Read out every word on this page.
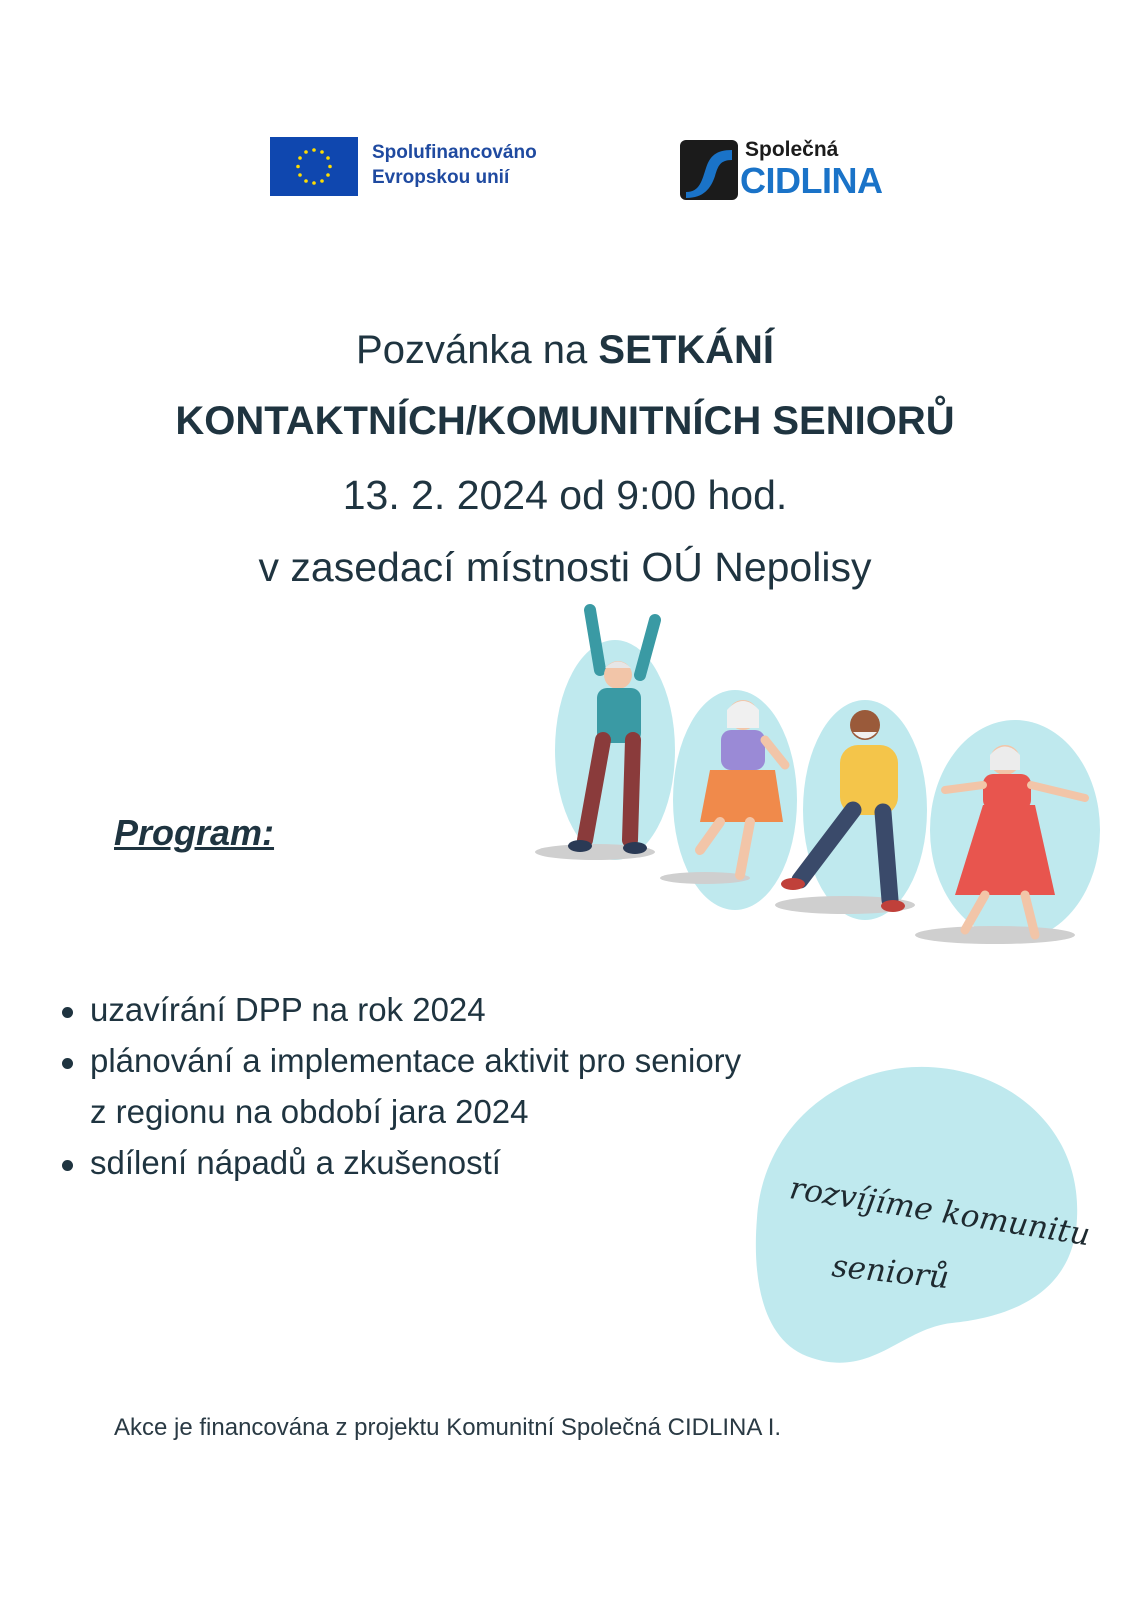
Spolufinancováno
Evropskou unií
Společná
CIDLINA
Pozvánka na SETKÁNÍ
KONTAKTNÍCH/KOMUNITNÍCH SENIORŮ
13. 2. 2024 od 9:00 hod.
v zasedací místnosti OÚ Nepolisy
Program:
uzavírání DPP na rok 2024
plánování a implementace aktivit pro seniory z regionu na období jara 2024
sdílení nápadů a zkušeností
rozvíjíme komunitu
seniorů
Akce je financována z projektu Komunitní Společná CIDLINA I.
